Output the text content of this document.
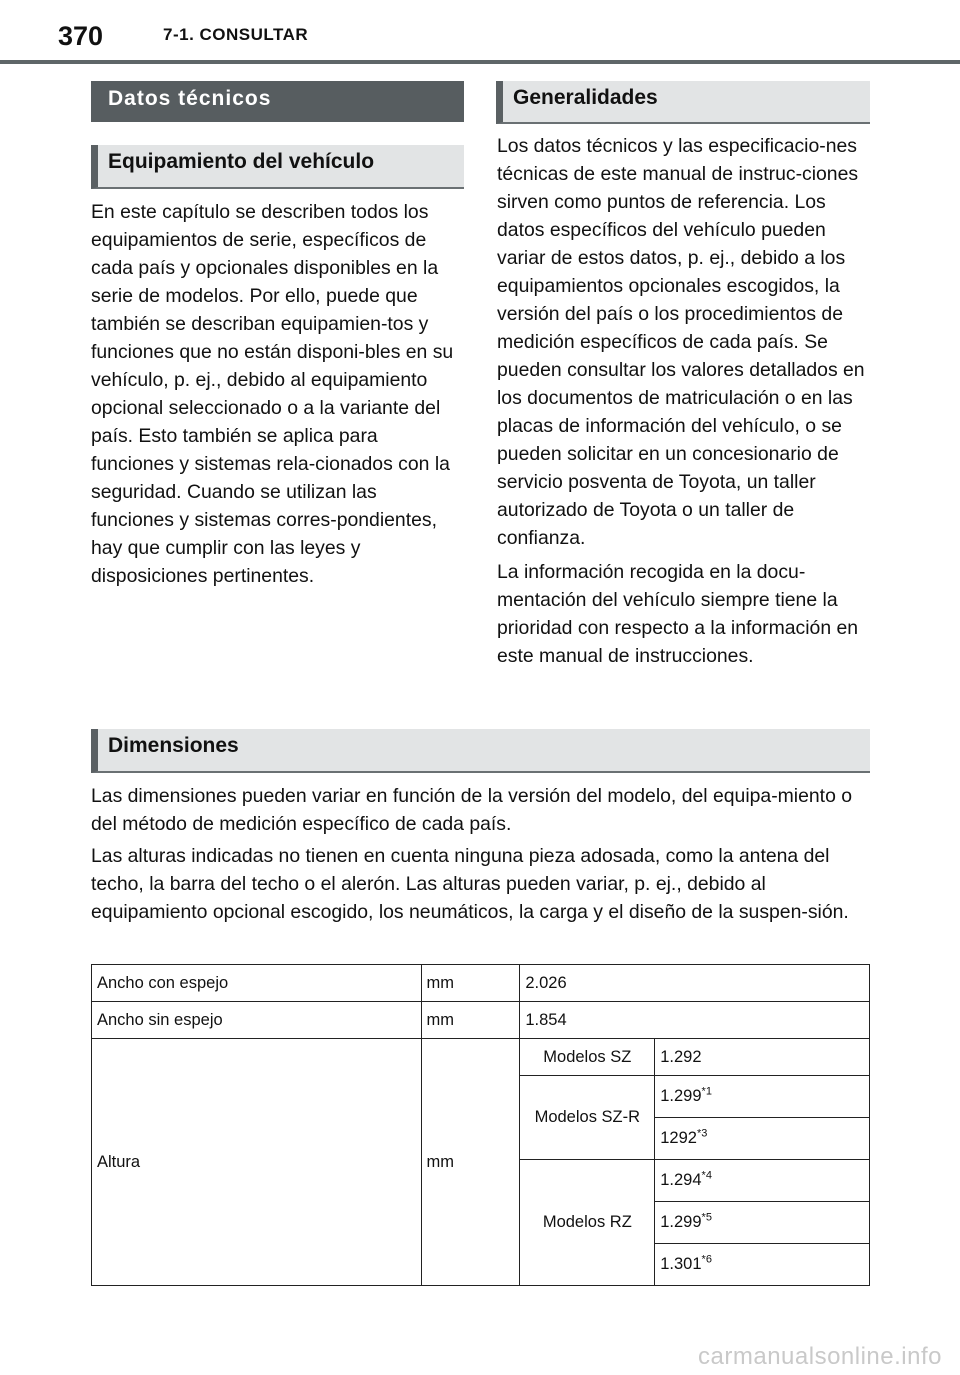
370	7-1. CONSULTAR
Datos técnicos
Equipamiento del vehículo

En este capítulo se describen todos los equipamientos de serie, específicos de cada país y opcionales disponibles en la serie de modelos. Por ello, puede que también se describan equipamien-tos y funciones que no están disponi-bles en su vehículo, p. ej., debido al equipamiento opcional seleccionado o a la variante del país. Esto también se aplica para funciones y sistemas rela-cionados con la seguridad. Cuando se utilizan las funciones y sistemas corres-pondientes, hay que cumplir con las leyes y disposiciones pertinentes.

Generalidades

Los datos técnicos y las especificacio-nes técnicas de este manual de instruc-ciones sirven como puntos de referencia. Los datos específicos del vehículo pueden variar de estos datos, p. ej., debido a los equipamientos opcionales escogidos, la versión del país o los procedimientos de medición específicos de cada país. Se pueden consultar los valores detallados en los documentos de matriculación o en las placas de información del vehículo, o se pueden solicitar en un concesionario de servicio posventa de Toyota, un taller autorizado de Toyota o un taller de confianza.

La información recogida en la docu-mentación del vehículo siempre tiene la prioridad con respecto a la información en este manual de instrucciones.

Dimensiones
Las dimensiones pueden variar en función de la versión del modelo, del equipa-miento o del método de medición específico de cada país.
Las alturas indicadas no tienen en cuenta ninguna pieza adosada, como la antena del techo, la barra del techo o el alerón. Las alturas pueden variar, p. ej., debido al equipamiento opcional escogido, los neumáticos, la carga y el diseño de la suspen-sión.
Ancho con espejo	mm	2.026	
Ancho sin espejo	mm	1.854	
Altura	mm	Modelos SZ	1.292
		Modelos SZ-R	1.299$^{*1}$
			1292$^{*3}$
		Modelos RZ	1.294$^{*4}$
			1.299$^{*5}$
			1.301$^{*6}$
carmanualsonline.info
